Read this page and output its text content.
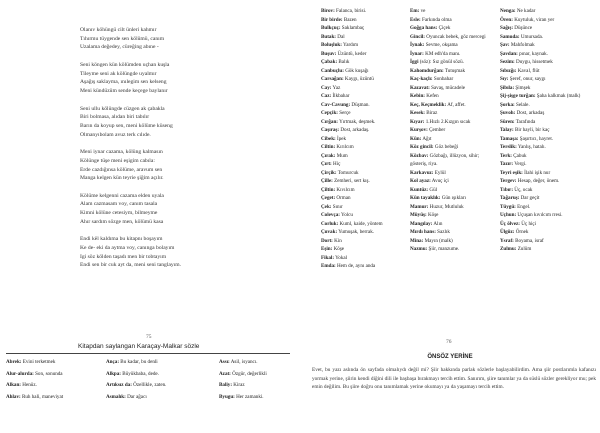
Olanıv köhüngü cilt ünleri kahmır
Tıhırmu tüygende sen kölümü, canım
Uzalama değedey, cüreğing abıne -
Seni köngen kün kölümden uçhan kuşla
Tileyme seni ak kölüngde uyalmır
Aşağış saklayma, ınılegim sen kelseng
Meni kündüzüm sende keçege baylanır
Seni ullu kölüngde cüzgen ak çabakla
Biri bolmasa, alıdan biri tabılır
Barın da koyup sen, meni kölüme küseng
Olmanyıbolam avuz terk cılıde.
Meni iynar cazama, kölüng kalmasın
Kölünge tüşe meni eşigim cabıla:
Erde cazdığınsa kölüme, aravum sen
Manga kelgen kün teyrie şiğim açılır.
Kölüme kelgenni cazama elden uyala
Alam cazmasam voy, canım tasala
Kimni kölüne cetesiym, bilmeyme
Ahır sardım sözge men, kölümü kasa
Endi kël kaldıma bu kitapnı boşayım
Ke de- eki da aytma voy, canınga bolayım
Igi söz kölden taşadı men bir tobtayım
Endi sen bir cuk ayt da, meni seni tanglayım.
75
Kitapdan saylangan Karaçay-Malkar sözle
Abrek: Evini terketmek
Alur-alurda: Son, sonunda
Alkan: Henüz.
Ahlav: Ruh hali, maneviyat
Ança: Bu kadar, bu denli
Alkpa: Büyükbaba, dede.
Artıksız da: Özellikle, zaten.
Asmalık: Dar ağacı
Assı: Asil, isyancı.
Azat: Özgür, değerlikli
Baliy: Kiraz
Byugu: Her zamanki.
Birov: Falanca, birisi.
Bir birde: Bazen
Bulkçuç: Saklambaç
Butak: Dal
Boluşluk: Yardım
Buşuv: Üzüntü, keder
Çabak: Balık
Canbuçlu: Gök kuşağı
Carsağan: Kaygı, üzüntü
Cay: Yaz
Caz: İlkbahar
Cav-Cavung: Düşman.
Cepçik: Serçe
Cırğan: Yırtmak, deşmek.
Caşıraş: Dost, arkadaş.
Cibek: İpek
Ciltin: Kırılcım
Çırak: Mum
Çırt: Hiç
Çirçik: Tomurcuk
Çille: Zemheri, sert kış.
Çiltin: Kıvılcım
Çeget: Orman
Çek: Sınır
Colevça: Yolcu
Corluk: Kuml, kaide, yöntem
Çuvak: Yumuşak, berrak.
Dort: Kin
Eşin: Köşe
Fikal: Yokal
Emda: Hem de, aynı anda
Em: ve
Esle: Farkında olma
Goğga hans: Çiçek
Gincil: Oyuncak bebek, göz mercegi
İynak: Sevme, okşama
İynar: KM edh'da manı.
İggi (söz): Sız gönül sözü.
Kahomdurğan: Tutuşmak
Kaç-kaçlı: Sonbahar
Kazavat: Savaş, mücadele
Kebin: Kefen
Keç, Keçmeklik: Af, affet.
Kesek: Biraz
Kıyar: 1.Hızlı 2.Kızgın sıcak
Kurşov: Çember
Kün: Ağıt
Köz gincil: Göz bebeği
Közbav: Gözbağı, illüzyon, sihir; gösteriş, riya.
Karkavuz: Eylül
Kol ayaz: Avuç içi
Kuntüz: Gül
Kün tayaklık: Gün ışıkları
Mamur: Huzur, Mutluluk
Müyüş: Köşe
Mangılay: Alın
Mırdı hans: Sazlık
Mina: Mayın (malk)
Nazmu: Şiir, manzume.
Nenga: Ne kadar
Ören: Kuytuluk, viran yer
Sağış: Düşünce
Samuda: Umursada.
Şav: Mahfolmak
Şavdan: pınar, kaynak.
Sezim: Duygu, hissetmek
Sıbızğı: Kaval, flüt
Sıy: Şeref, onur, saygı
Şibıla: Şimşek
Şij-şişge turğan: Şaha kalkmak (malk)
Şorka: Selale.
Şuvoh: Dost, arkadaş
Süren: Tarafında
Talay: Bir hayli, bir kaç
Tamaşa: Şaşırtıcı, hayret.
Terslik: Yanlış, hatalı.
Terk: Çabuk
Tazır: Vergi.
Teyri eşik: İlahi işik nur
Tergev: Hesap, değer, önem.
Tıbır: Üç, ocak
Tağaruş: Dar geçit
Tüygü: Engel.
Uçhun: Uçuşan kıvılcım rresi.
Üç ölvez: Üç hiçi
Ülgüz: Örnek
Ysraf: Boyama, israf
Zulmu: Zulüm
76
ÖNSÖZ YERİNE
Evet, bu yazı aslında ön sayfada olmalıydı değil mi? Şiir hakkında parlak sözlerle başlayabilirdim. Ama şiir postlarımla kafanızı yormak yerine, şiirin kendi diğini dili ile başbaşa bırakmayı tercih ettim. Sanırım, şiire tanımlar ya da süslü sözler gerekliyor mu; pek emin değilim. Bu şiire doğru onu tanımlamak yerine okumayı ya da yaşamayı tercih ettim.
